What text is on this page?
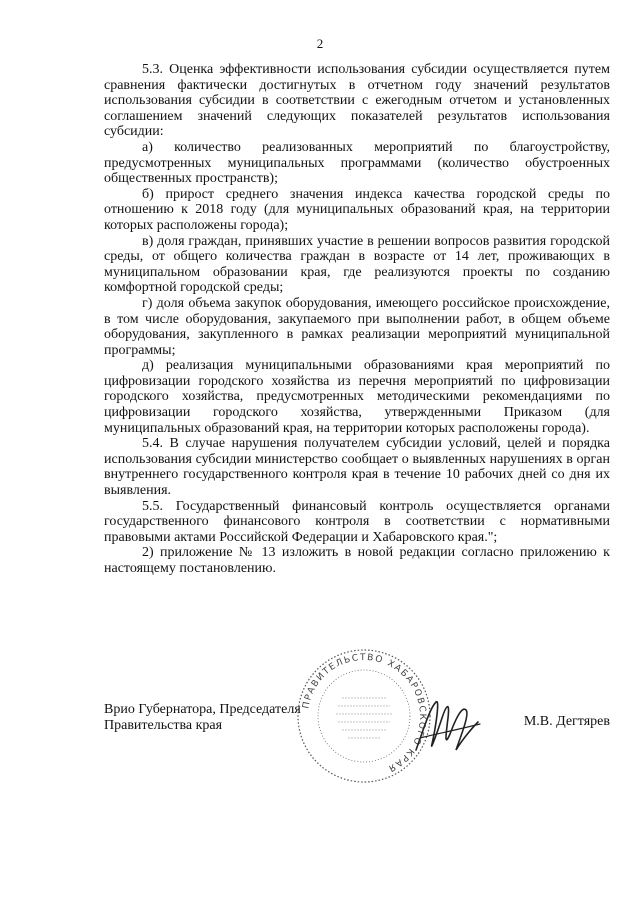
2

5.3. Оценка эффективности использования субсидии осуществляется путем сравнения фактически достигнутых в отчетном году значений результатов использования субсидии в соответствии с ежегодным отчетом и установленных соглашением значений следующих показателей результатов использования субсидии:

а) количество реализованных мероприятий по благоустройству, предусмотренных муниципальных программами (количество обустроенных общественных пространств);

б) прирост среднего значения индекса качества городской среды по отношению к 2018 году (для муниципальных образований края, на территории которых расположены города);

в) доля граждан, принявших участие в решении вопросов развития городской среды, от общего количества граждан в возрасте от 14 лет, проживающих в муниципальном образовании края, где реализуются проекты по созданию комфортной городской среды;

г) доля объема закупок оборудования, имеющего российское происхождение, в том числе оборудования, закупаемого при выполнении работ, в общем объеме оборудования, закупленного в рамках реализации мероприятий муниципальной программы;

д) реализация муниципальными образованиями края мероприятий по цифровизации городского хозяйства из перечня мероприятий по цифровизации городского хозяйства, предусмотренных методическими рекомендациями по цифровизации городского хозяйства, утвержденными Приказом (для муниципальных образований края, на территории которых расположены города).

5.4. В случае нарушения получателем субсидии условий, целей и порядка использования субсидии министерство сообщает о выявленных нарушениях в орган внутреннего государственного контроля края в течение 10 рабочих дней со дня их выявления.

5.5. Государственный финансовый контроль осуществляется органами государственного финансового контроля в соответствии с нормативными правовыми актами Российской Федерации и Хабаровского края.";

2) приложение № 13 изложить в новой редакции согласно приложению к настоящему постановлению.

Врио Губернатора, Председателя
Правительства края
ПРАВИТЕЛЬСТВО ХАБАРОВСКОГО КРАЯ
М.В. Дегтярев
